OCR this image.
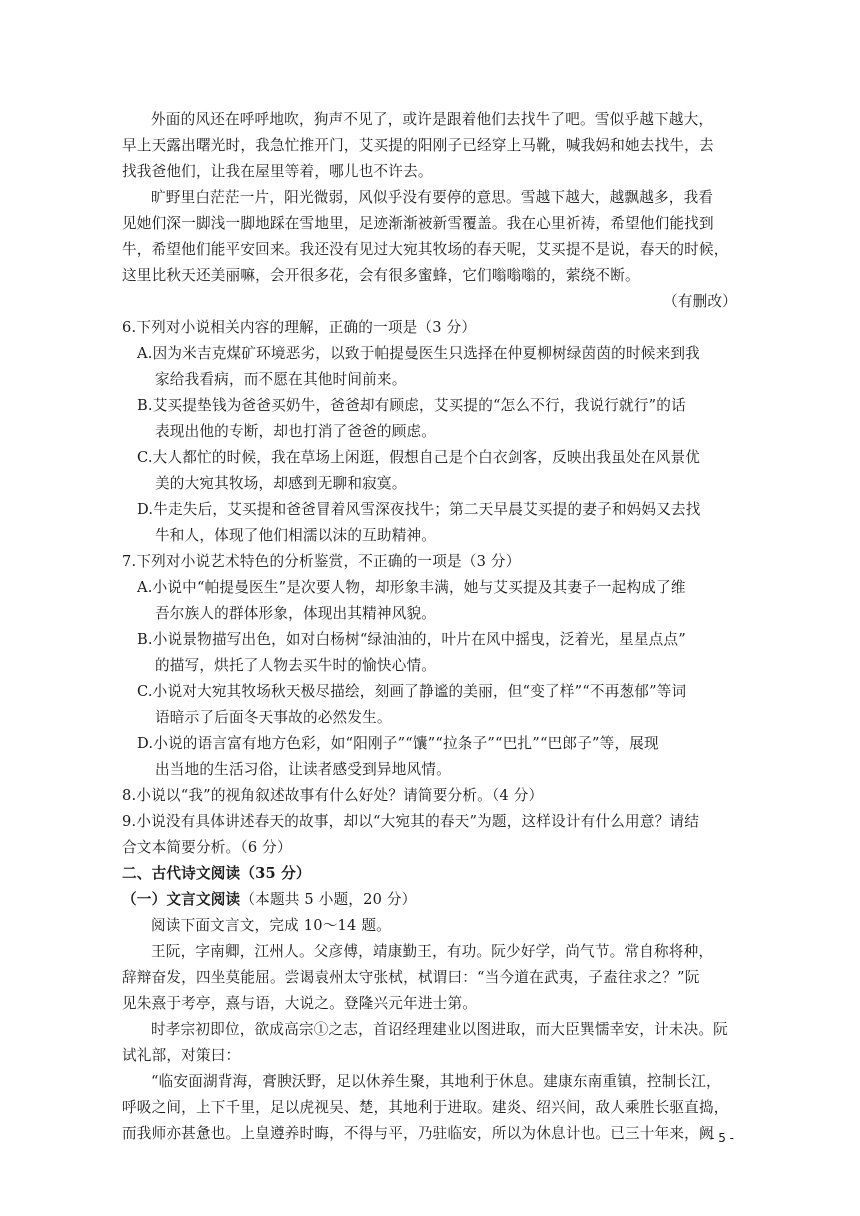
外面的风还在呼呼地吹，狗声不见了，或许是跟着他们去找牛了吧。雪似乎越下越大，
早上天露出曙光时，我急忙推开门，艾买提的阳刚子已经穿上马靴，喊我妈和她去找牛，去
找我爸他们，让我在屋里等着，哪儿也不许去。
旷野里白茫茫一片，阳光微弱，风似乎没有要停的意思。雪越下越大，越飘越多，我看
见她们深一脚浅一脚地踩在雪地里，足迹渐渐被新雪覆盖。我在心里祈祷，希望他们能找到
牛，希望他们能平安回来。我还没有见过大宛其牧场的春天呢，艾买提不是说，春天的时候，
这里比秋天还美丽嘛，会开很多花，会有很多蜜蜂，它们嗡嗡嗡的，萦绕不断。
（有删改）
6.下列对小说相关内容的理解，正确的一项是（3 分）
A.因为米吉克煤矿环境恶劣，以致于帕提曼医生只选择在仲夏柳树绿茵茵的时候来到我
家给我看病，而不愿在其他时间前来。
B.艾买提垫钱为爸爸买奶牛，爸爸却有顾虑，艾买提的“怎么不行，我说行就行”的话
表现出他的专断，却也打消了爸爸的顾虑。
C.大人都忙的时候，我在草场上闲逛，假想自己是个白衣剑客，反映出我虽处在风景优
美的大宛其牧场，却感到无聊和寂寞。
D.牛走失后，艾买提和爸爸冒着风雪深夜找牛；第二天早晨艾买提的妻子和妈妈又去找
牛和人，体现了他们相濡以沫的互助精神。
7.下列对小说艺术特色的分析鉴赏，不正确的一项是（3 分）
A.小说中“帕提曼医生”是次要人物，却形象丰满，她与艾买提及其妻子一起构成了维
吾尔族人的群体形象，体现出其精神风貌。
B.小说景物描写出色，如对白杨树“绿油油的，叶片在风中摇曳，泛着光，星星点点”
的描写，烘托了人物去买牛时的愉快心情。
C.小说对大宛其牧场秋天极尽描绘，刻画了静谧的美丽，但“变了样”“不再葱郁”等词
语暗示了后面冬天事故的必然发生。
D.小说的语言富有地方色彩，如“阳刚子”“馕”“拉条子”“巴扎”“巴郎子”等，展现
出当地的生活习俗，让读者感受到异地风情。
8.小说以“我”的视角叙述故事有什么好处？请简要分析。（4 分）
9.小说没有具体讲述春天的故事，却以“大宛其的春天”为题，这样设计有什么用意？请结
合文本简要分析。（6 分）
二、古代诗文阅读（35 分）
（一）文言文阅读（本题共 5 小题，20 分）
阅读下面文言文，完成 10～14 题。
王阮，字南卿，江州人。父彦傅，靖康勤王，有功。阮少好学，尚气节。常自称将种，
辞辩奋发，四坐莫能屈。尝谒袁州太守张栻，栻谓曰：“当今道在武夷，子盍往求之？”阮
见朱熹于考亭，熹与语，大说之。登隆兴元年进士第。
时孝宗初即位，欲成高宗①之志，首诏经理建业以图进取，而大臣巽懦幸安，计未决。阮
试礼部，对策曰：
“临安面湖背海，膏腴沃野，足以休养生聚，其地利于休息。建康东南重镇，控制长江，
呼吸之间，上下千里，足以虎视吴、楚，其地利于进取。建炎、绍兴间，敌人乘胜长驱直捣，
而我师亦甚惫也。上皇遵养时晦，不得与平，乃驻临安，所以为休息计也。已三十年来，阙
- 5 -
